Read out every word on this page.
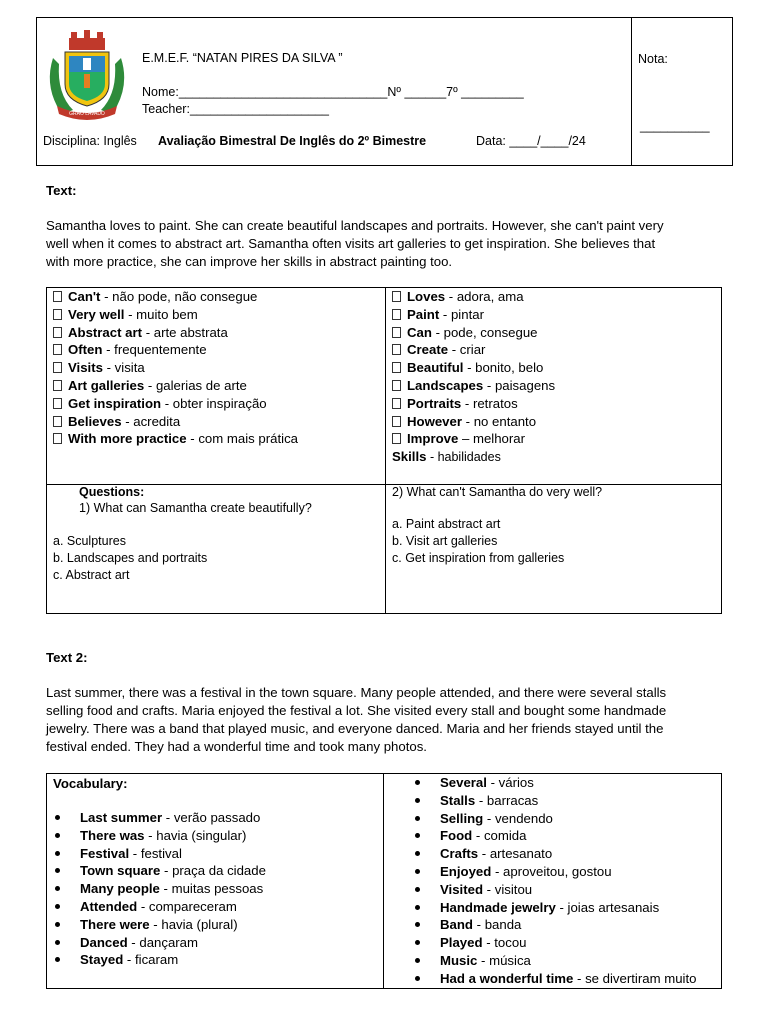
GRÃO LAVADO
E.M.E.F. “NATAN PIRES DA SILVA ”
Nome:______________________________Nº ______7º _________
Teacher:____________________
Disciplina: Inglês Avaliação Bimestral De Inglês do 2º Bimestre	Data: ____/____/24
Nota:
__________
Text:
Samantha loves to paint. She can create beautiful landscapes and portraits. However, she can't paint very
well when it comes to abstract art. Samantha often visits art galleries to get inspiration. She believes that
with more practice, she can improve her skills in abstract painting too.
Can't - não pode, não consegue
Very well - muito bem
Abstract art - arte abstrata
Often - frequentemente
Visits - visita
Art galleries - galerias de arte
Get inspiration - obter inspiração
Believes - acredita
With more practice - com mais prática
Loves - adora, ama
Paint - pintar
Can - pode, consegue
Create - criar
Beautiful - bonito, belo
Landscapes - paisagens
Portraits - retratos
However - no entanto
Improve – melhorar
Skills - habilidades
Questions:
1) What can Samantha create beautifully?
a. Sculptures
b. Landscapes and portraits
c. Abstract art
2) What can't Samantha do very well?
a. Paint abstract art
b. Visit art galleries
c. Get inspiration from galleries
Text 2:
Last summer, there was a festival in the town square. Many people attended, and there were several stalls
selling food and crafts. Maria enjoyed the festival a lot. She visited every stall and bought some handmade
jewelry. There was a band that played music, and everyone danced. Maria and her friends stayed until the
festival ended. They had a wonderful time and took many photos.
Vocabulary:
Last summer - verão passado
There was - havia (singular)
Festival - festival
Town square - praça da cidade
Many people - muitas pessoas
Attended - compareceram
There were - havia (plural)
Danced - dançaram
Stayed - ficaram
Several - vários
Stalls - barracas
Selling - vendendo
Food - comida
Crafts - artesanato
Enjoyed - aproveitou, gostou
Visited - visitou
Handmade jewelry - joias artesanais
Band - banda
Played - tocou
Music - música
Had a wonderful time - se divertiram muito
